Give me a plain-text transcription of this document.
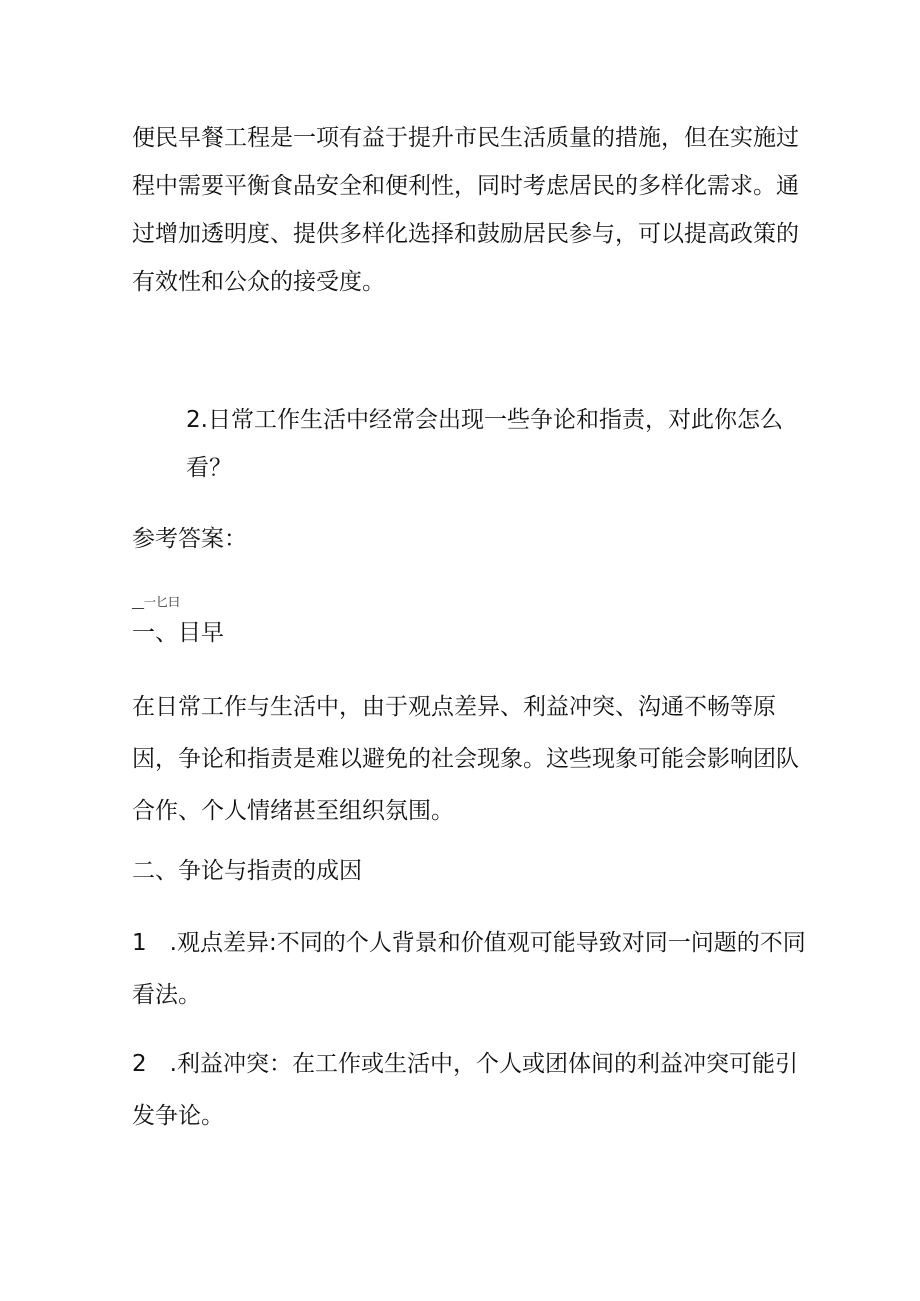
便民早餐工程是一项有益于提升市民生活质量的措施，但在实施过程中需要平衡食品安全和便利性，同时考虑居民的多样化需求。通过增加透明度、提供多样化选择和鼓励居民参与，可以提高政策的有效性和公众的接受度。

2.日常工作生活中经常会出现一些争论和指责，对此你怎么看？

参考答案：

__一匕曰

一、目早

在日常工作与生活中，由于观点差异、利益冲突、沟通不畅等原因，争论和指责是难以避免的社会现象。这些现象可能会影响团队合作、个人情绪甚至组织氛围。

二、争论与指责的成因

1　.观点差异:不同的个人背景和价值观可能导致对同一问题的不同看法。

2　.利益冲突：在工作或生活中，个人或团体间的利益冲突可能引发争论。
